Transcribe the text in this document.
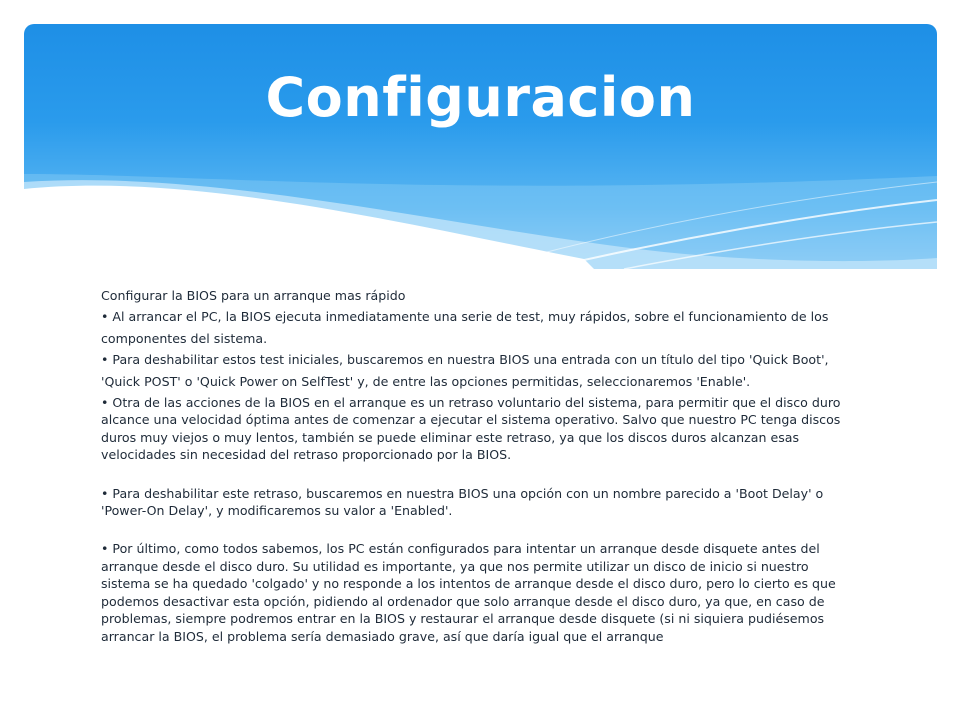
Configuracion

Configurar la BIOS para un arranque mas rápido

• Al arrancar el PC, la BIOS ejecuta inmediatamente una serie de test, muy rápidos, sobre el funcionamiento de los

componentes del sistema.

• Para deshabilitar estos test iniciales, buscaremos en nuestra BIOS una entrada con un título del tipo 'Quick Boot',

'Quick POST' o 'Quick Power on SelfTest' y, de entre las opciones permitidas, seleccionaremos 'Enable'.

• Otra de las acciones de la BIOS en el arranque es un retraso voluntario del sistema, para permitir que el disco duro alcance una velocidad óptima antes de comenzar a ejecutar el sistema operativo. Salvo que nuestro PC tenga discos duros muy viejos o muy lentos, también se puede eliminar este retraso, ya que los discos duros alcanzan esas velocidades sin necesidad del retraso proporcionado por la BIOS.

• Para deshabilitar este retraso, buscaremos en nuestra BIOS una opción con un nombre parecido a 'Boot Delay' o 'Power-On Delay', y modificaremos su valor a 'Enabled'.

• Por último, como todos sabemos, los PC están configurados para intentar un arranque desde disquete antes del arranque desde el disco duro. Su utilidad es importante, ya que nos permite utilizar un disco de inicio si nuestro sistema se ha quedado 'colgado' y no responde a los intentos de arranque desde el disco duro, pero lo cierto es que podemos desactivar esta opción, pidiendo al ordenador que solo arranque desde el disco duro, ya que, en caso de problemas, siempre podremos entrar en la BIOS y restaurar el arranque desde disquete (si ni siquiera pudiésemos arrancar la BIOS, el problema sería demasiado grave, así que daría igual que el arranque
